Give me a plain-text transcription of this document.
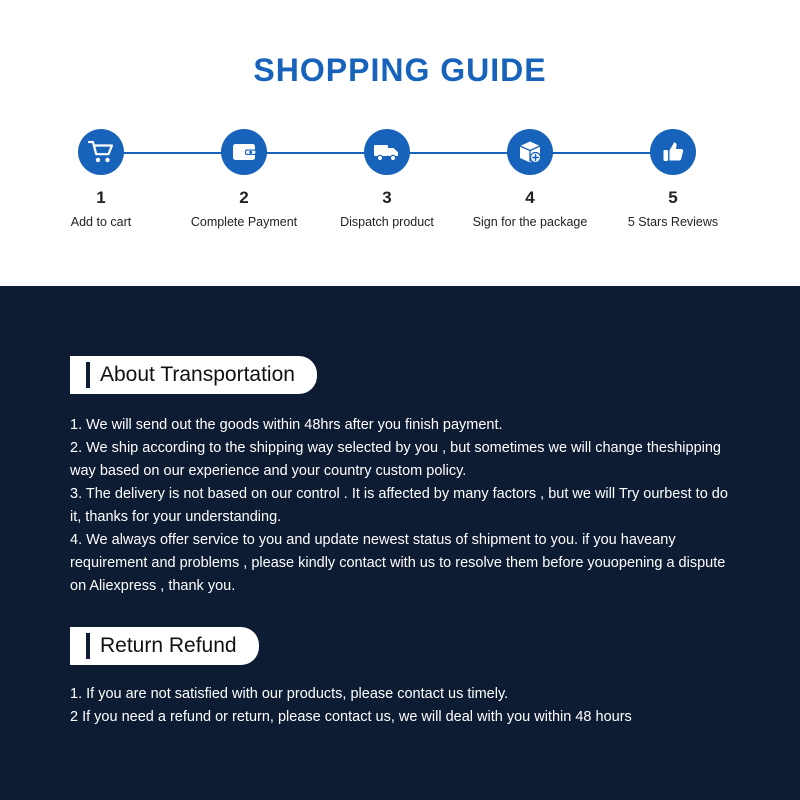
SHOPPING GUIDE
1
Add to cart
2
Complete Payment
3
Dispatch product
4
Sign for the package
5
5 Stars Reviews
About Transportation

1. We will send out the goods within 48hrs after you finish payment.

2. We ship according to the shipping way selected by you , but sometimes we will change theshipping way based on our experience and your country custom policy.

3. The delivery is not based on our control . It is affected by many factors , but we will Try ourbest to do it, thanks for your understanding.

4. We always offer service to you and update newest status of shipment to you. if you haveany requirement and problems , please kindly contact with us to resolve them before youopening a dispute on Aliexpress , thank you.

Return Refund

1. If you are not satisfied with our products, please contact us timely.

2 If you need a refund or return, please contact us, we will deal with you within 48 hours
